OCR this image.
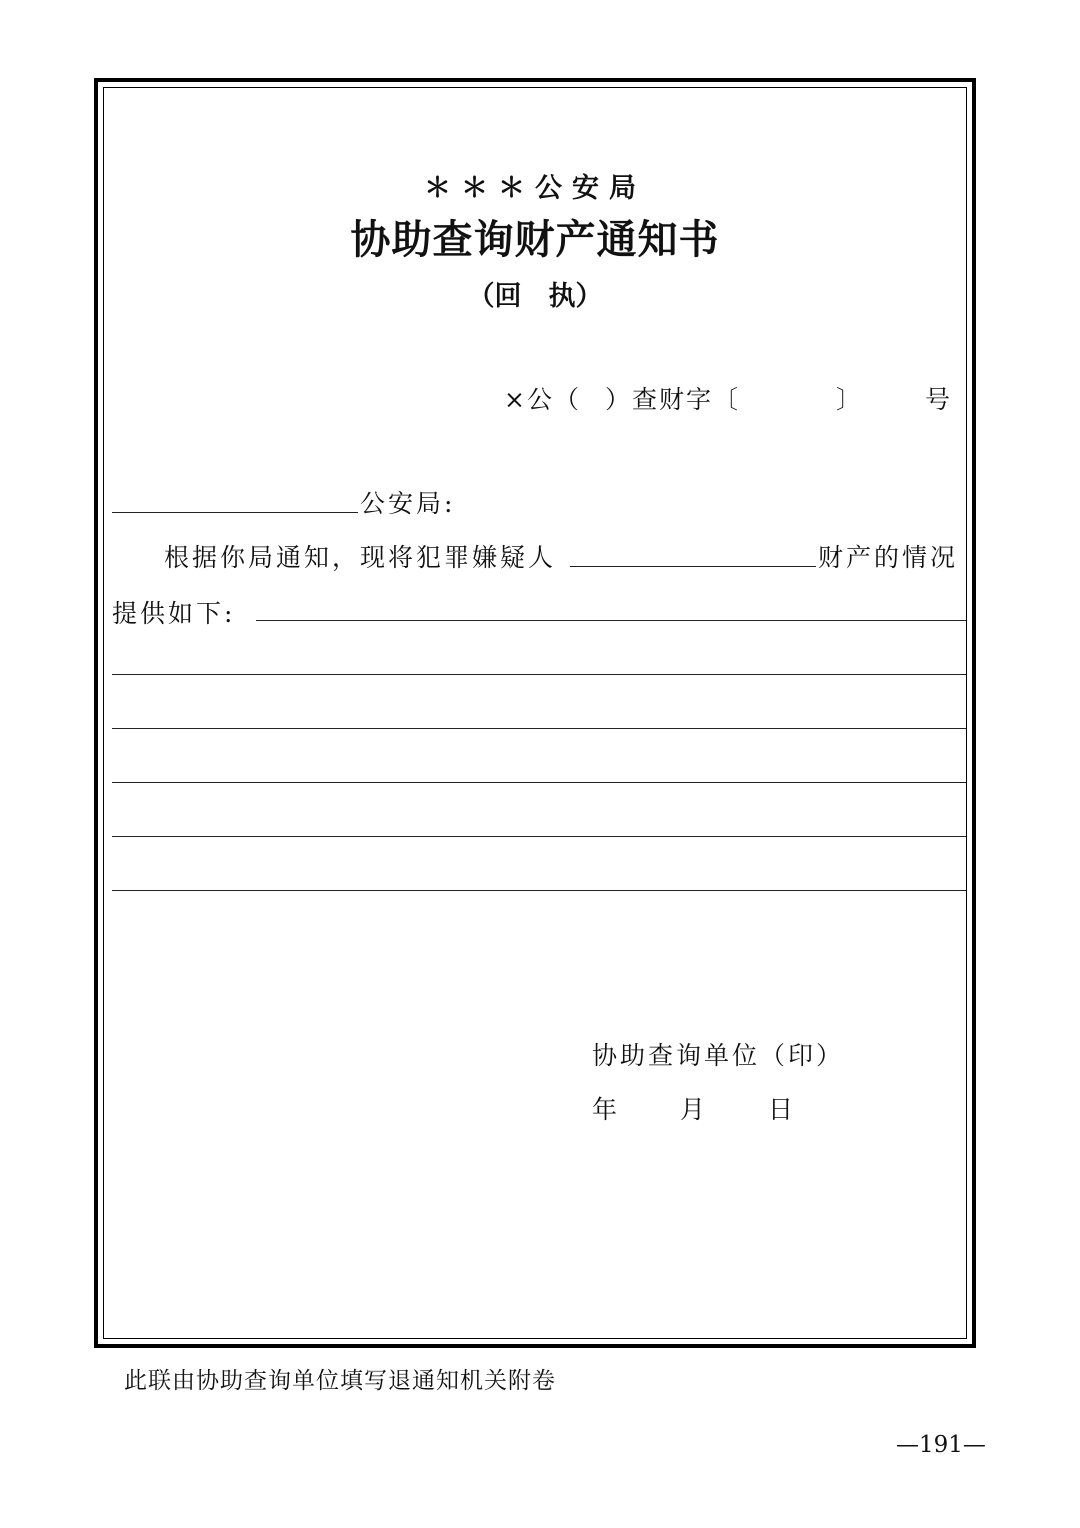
＊＊＊公安局
协助查询财产通知书
（回　执）
×公（ ）查财字〔	〕 号
公安局:
根据你局通知，现将犯罪嫌疑人	财产的情况
提供如下:
协助查询单位（印）
年 月 日
此联由协助查询单位填写退通知机关附卷
—191—
